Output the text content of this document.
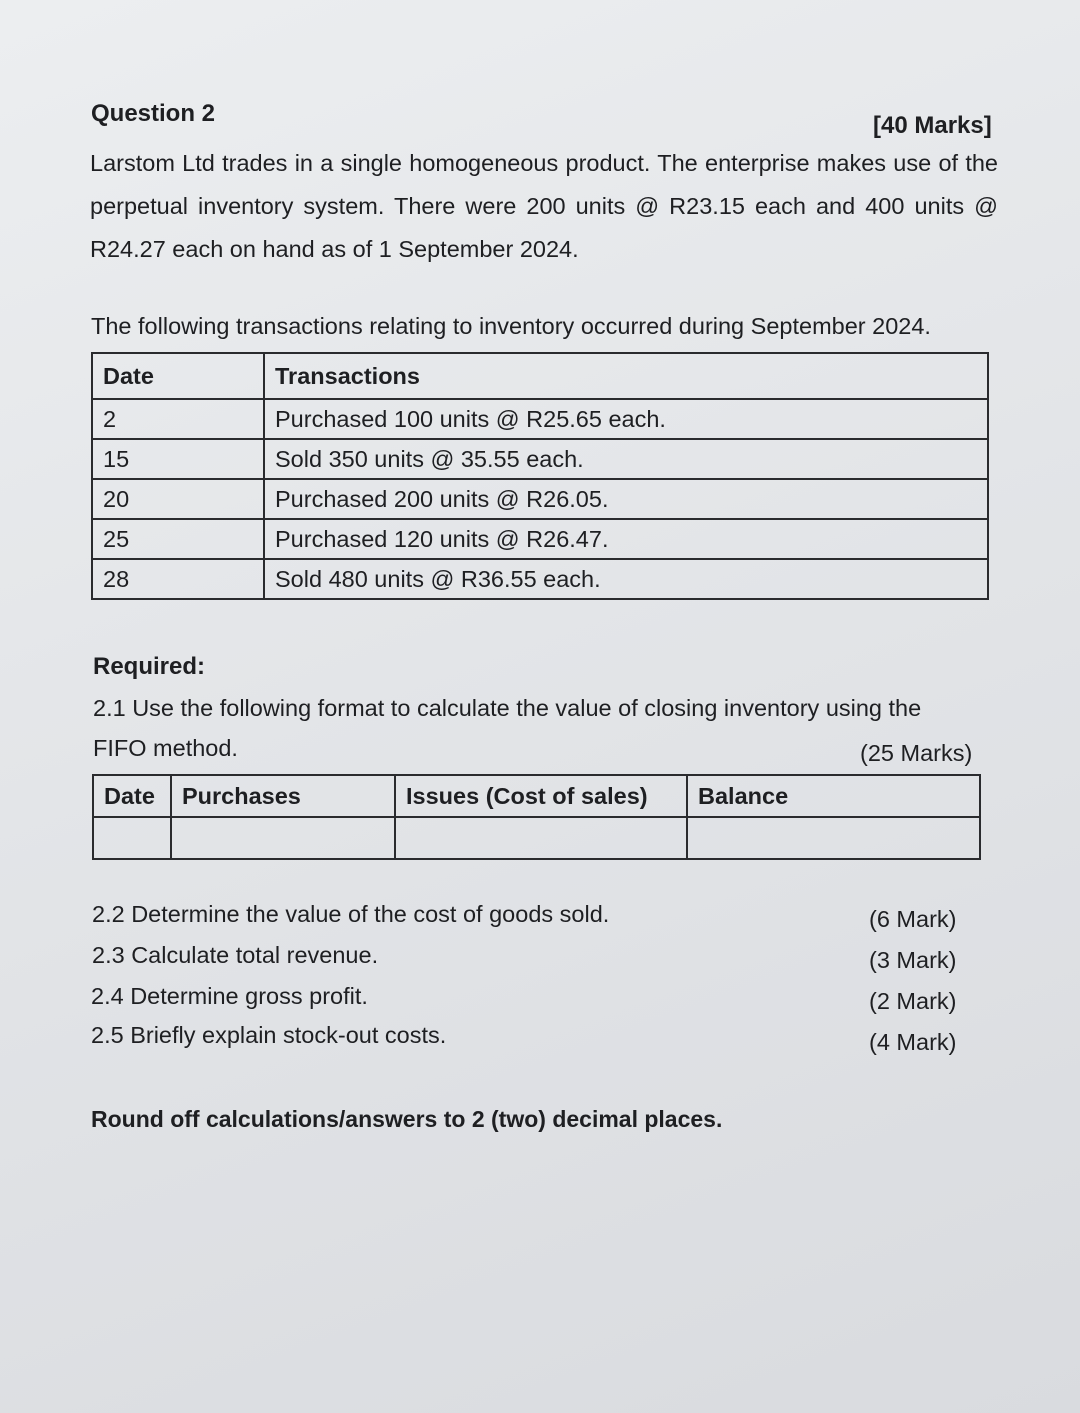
Question 2	[40 Marks]
Larstom Ltd trades in a single homogeneous product. The enterprise makes use of the perpetual inventory system. There were 200 units @ R23.15 each and 400 units @ R24.27 each on hand as of 1 September 2024.
The following transactions relating to inventory occurred during September 2024.
Date	Transactions
2	Purchased 100 units @ R25.65 each.
15	Sold 350 units @ 35.55 each.
20	Purchased 200 units @ R26.05.
25	Purchased 120 units @ R26.47.
28	Sold 480 units @ R36.55 each.
Required:
2.1 Use the following format to calculate the value of closing inventory using the
FIFO method.	(25 Marks)
Date	Purchases	Issues (Cost of sales)	Balance

2.2 Determine the value of the cost of goods sold.	(6 Mark)
2.3 Calculate total revenue.	(3 Mark)
2.4 Determine gross profit.	(2 Mark)
2.5 Briefly explain stock-out costs.	(4 Mark)
Round off calculations/answers to 2 (two) decimal places.
